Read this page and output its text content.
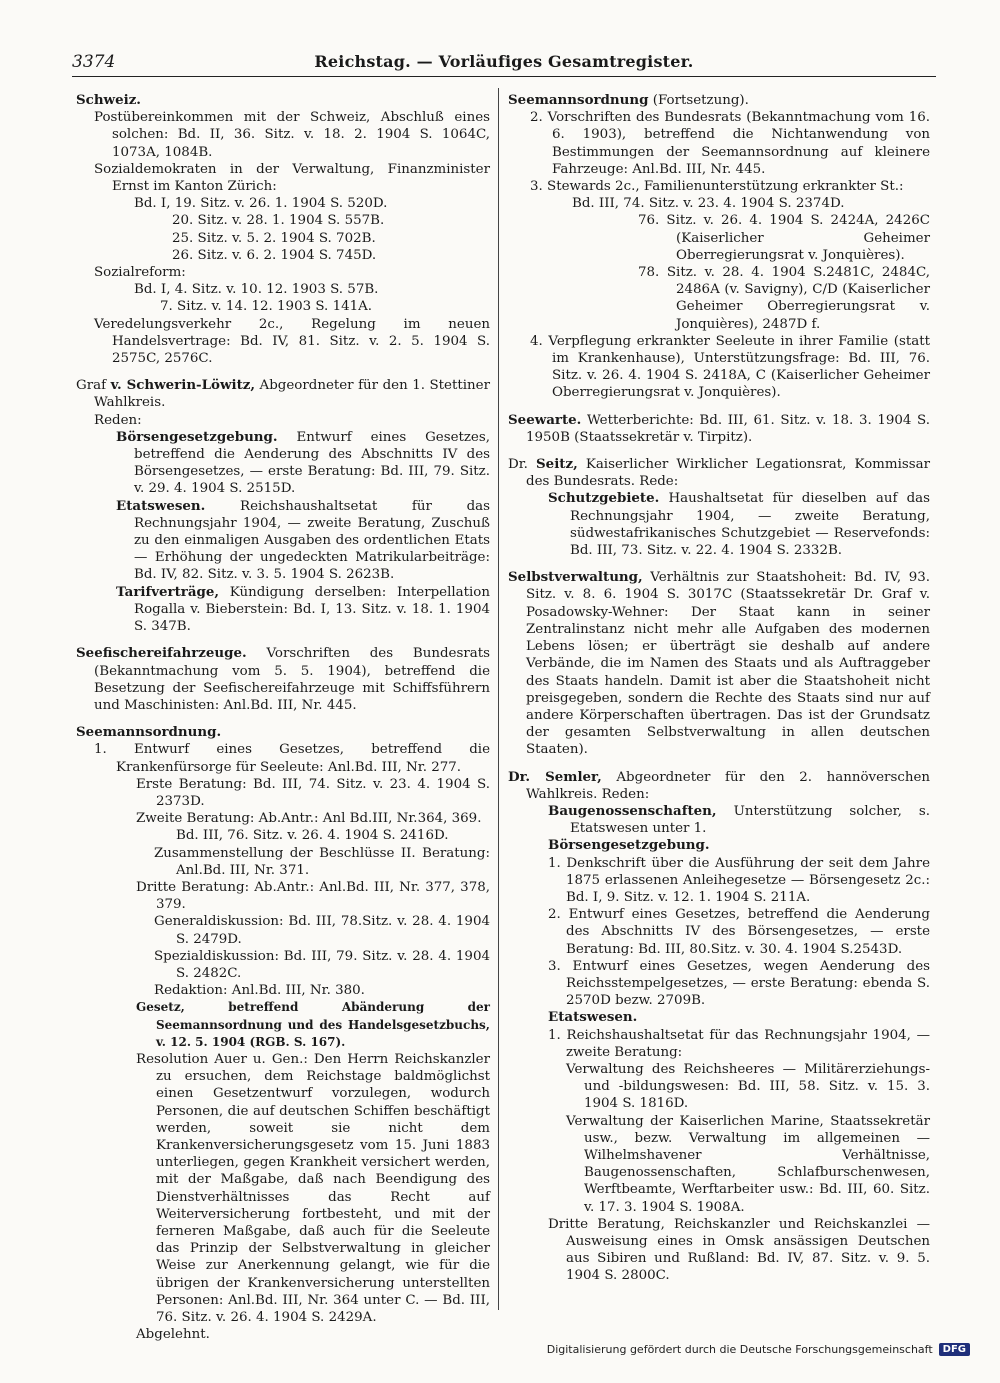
3374	Reichstag. — Vorläufiges Gesamtregister.

Schweiz.

Postübereinkommen mit der Schweiz, Abschluß eines solchen: Bd. II, 36. Sitz. v. 18. 2. 1904 S. 1064C, 1073A, 1084B.

Sozialdemokraten in der Verwaltung, Finanzminister Ernst im Kanton Zürich:

Bd. I, 19. Sitz. v. 26. 1. 1904 S. 520D.

20. Sitz. v. 28. 1. 1904 S. 557B.

25. Sitz. v. 5. 2. 1904 S. 702B.

26. Sitz. v. 6. 2. 1904 S. 745D.

Sozialreform:

Bd. I, 4. Sitz. v. 10. 12. 1903 S. 57B.

7. Sitz. v. 14. 12. 1903 S. 141A.

Veredelungsverkehr 2c., Regelung im neuen Handelsvertrage: Bd. IV, 81. Sitz. v. 2. 5. 1904 S. 2575C, 2576C.

Graf v. Schwerin-Löwitz, Abgeordneter für den 1. Stettiner Wahlkreis.

Reden:

Börsengesetzgebung. Entwurf eines Gesetzes, betreffend die Aenderung des Abschnitts IV des Börsengesetzes, — erste Beratung: Bd. III, 79. Sitz. v. 29. 4. 1904 S. 2515D.

Etatswesen.	Reichshaushaltsetat für das Rechnungsjahr 1904, — zweite Beratung, Zuschuß zu den einmaligen Ausgaben des ordentlichen Etats — Erhöhung der ungedeckten Matrikularbeiträge: Bd. IV, 82. Sitz. v. 3. 5. 1904 S. 2623B.

Tarifverträge, Kündigung derselben: Interpellation Rogalla v. Bieberstein: Bd. I, 13. Sitz. v. 18. 1. 1904 S. 347B.

Seefischereifahrzeuge. Vorschriften des Bundesrats (Bekanntmachung vom 5. 5. 1904), betreffend die Besetzung der Seefischereifahrzeuge mit Schiffsführern und Maschinisten: Anl.Bd. III, Nr. 445.

Seemannsordnung.

1. Entwurf eines Gesetzes, betreffend die Krankenfürsorge für Seeleute: Anl.Bd. III, Nr. 277.

Erste Beratung: Bd. III, 74. Sitz. v. 23. 4. 1904 S. 2373D.

Zweite Beratung: Ab.Antr.: Anl Bd.III, Nr.364, 369.

Bd. III, 76. Sitz. v. 26. 4. 1904 S. 2416D.

Zusammenstellung der Beschlüsse II. Beratung: Anl.Bd. III, Nr. 371.

Dritte Beratung: Ab.Antr.: Anl.Bd. III, Nr. 377, 378, 379.

Generaldiskussion: Bd. III, 78.Sitz. v. 28. 4. 1904 S. 2479D.

Spezialdiskussion: Bd. III, 79. Sitz. v. 28. 4. 1904 S. 2482C.

Redaktion: Anl.Bd. III, Nr. 380.

Gesetz, betreffend Abänderung der Seemannsordnung und des Handelsgesetzbuchs, v. 12. 5. 1904 (RGB. S. 167).

Resolution Auer u. Gen.: Den Herrn Reichskanzler zu ersuchen, dem Reichstage baldmöglichst einen Gesetzentwurf vorzulegen, wodurch Personen, die auf deutschen Schiffen beschäftigt werden, soweit sie nicht dem Krankenversicherungsgesetz vom 15. Juni 1883 unterliegen, gegen Krankheit versichert werden, mit der Maßgabe, daß nach Beendigung des Dienstverhältnisses das Recht auf Weiterversicherung fortbesteht, und mit der ferneren Maßgabe, daß auch für die Seeleute das Prinzip der Selbstverwaltung in gleicher Weise zur Anerkennung gelangt, wie für die übrigen der Krankenversicherung unterstellten Personen: Anl.Bd. III, Nr. 364 unter C. — Bd. III, 76. Sitz. v. 26. 4. 1904 S. 2429A.

Abgelehnt.

Seemannsordnung (Fortsetzung).

2. Vorschriften des Bundesrats (Bekanntmachung vom 16. 6. 1903), betreffend die Nichtanwendung von Bestimmungen der Seemannsordnung auf kleinere Fahrzeuge: Anl.Bd. III, Nr. 445.

3. Stewards 2c., Familienunterstützung erkrankter St.:

Bd. III, 74. Sitz. v. 23. 4. 1904 S. 2374D.

76. Sitz. v. 26. 4. 1904 S. 2424A, 2426C (Kaiserlicher Geheimer Oberregierungsrat v. Jonquières).

78. Sitz. v. 28. 4. 1904 S.2481C, 2484C, 2486A (v. Savigny), C/D (Kaiserlicher Geheimer Oberregierungsrat v. Jonquières), 2487D f.

4. Verpflegung erkrankter Seeleute in ihrer Familie (statt im Krankenhause), Unterstützungsfrage: Bd. III, 76. Sitz. v. 26. 4. 1904 S. 2418A, C (Kaiserlicher Geheimer Oberregierungsrat v. Jonquières).

Seewarte. Wetterberichte: Bd. III, 61. Sitz. v. 18. 3. 1904 S. 1950B (Staatssekretär v. Tirpitz).

Dr. Seitz, Kaiserlicher Wirklicher Legationsrat, Kommissar des Bundesrats. Rede:

Schutzgebiete. Haushaltsetat für dieselben auf das Rechnungsjahr 1904, — zweite Beratung, südwestafrikanisches Schutzgebiet — Reservefonds: Bd. III, 73. Sitz. v. 22. 4. 1904 S. 2332B.

Selbstverwaltung, Verhältnis zur Staatshoheit: Bd. IV, 93. Sitz. v. 8. 6. 1904 S. 3017C (Staatssekretär Dr. Graf v. Posadowsky-Wehner: Der Staat kann in seiner Zentralinstanz nicht mehr alle Aufgaben des modernen Lebens lösen; er überträgt sie deshalb auf andere Verbände, die im Namen des Staats und als Auftraggeber des Staats handeln. Damit ist aber die Staatshoheit nicht preisgegeben, sondern die Rechte des Staats sind nur auf andere Körperschaften übertragen. Das ist der Grundsatz der gesamten Selbstverwaltung in allen deutschen Staaten).

Dr. Semler, Abgeordneter für den 2. hannöverschen Wahlkreis. Reden:

Baugenossenschaften, Unterstützung solcher, s. Etatswesen unter 1.

Börsengesetzgebung.

1. Denkschrift über die Ausführung der seit dem Jahre 1875 erlassenen Anleihegesetze — Börsengesetz 2c.: Bd. I, 9. Sitz. v. 12. 1. 1904 S. 211A.

2. Entwurf eines Gesetzes, betreffend die Aenderung des Abschnitts IV des Börsengesetzes, — erste Beratung: Bd. III, 80.Sitz. v. 30. 4. 1904 S.2543D.

3. Entwurf eines Gesetzes, wegen Aenderung des Reichsstempelgesetzes, — erste Beratung: ebenda S. 2570D bezw. 2709B.

Etatswesen.

1. Reichshaushaltsetat für das Rechnungsjahr 1904, — zweite Beratung:

Verwaltung des Reichsheeres — Militärerziehungs- und -bildungswesen: Bd. III, 58. Sitz. v. 15. 3. 1904 S. 1816D.

Verwaltung der Kaiserlichen Marine, Staatssekretär usw., bezw. Verwaltung im allgemeinen — Wilhelmshavener Verhältnisse, Baugenossenschaften, Schlafburschenwesen, Werftbeamte, Werftarbeiter usw.: Bd. III, 60. Sitz. v. 17. 3. 1904 S. 1908A.

Dritte Beratung, Reichskanzler und Reichskanzlei — Ausweisung eines in Omsk ansässigen Deutschen aus Sibiren und Rußland: Bd. IV, 87. Sitz. v. 9. 5. 1904 S. 2800C.

Digitalisierung gefördert durch die Deutsche Forschungsgemeinschaft	DFG
